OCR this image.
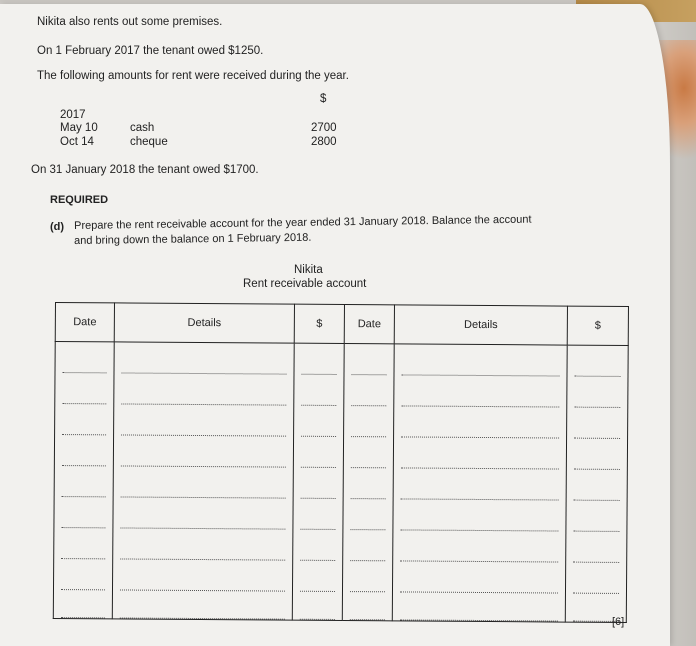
Nikita also rents out some premises.
On 1 February 2017 the tenant owed $1250.
The following amounts for rent were received during the year.
$
2017
May 10	cash	2700
Oct 14	cheque	2800
On 31 January 2018 the tenant owed $1700.
REQUIRED
(d) Prepare the rent receivable account for the year ended 31 January 2018. Balance the account
and bring down the balance on 1 February 2018.
Nikita
Rent receivable account
Date	Details	$	Date	Details	$

[6]
